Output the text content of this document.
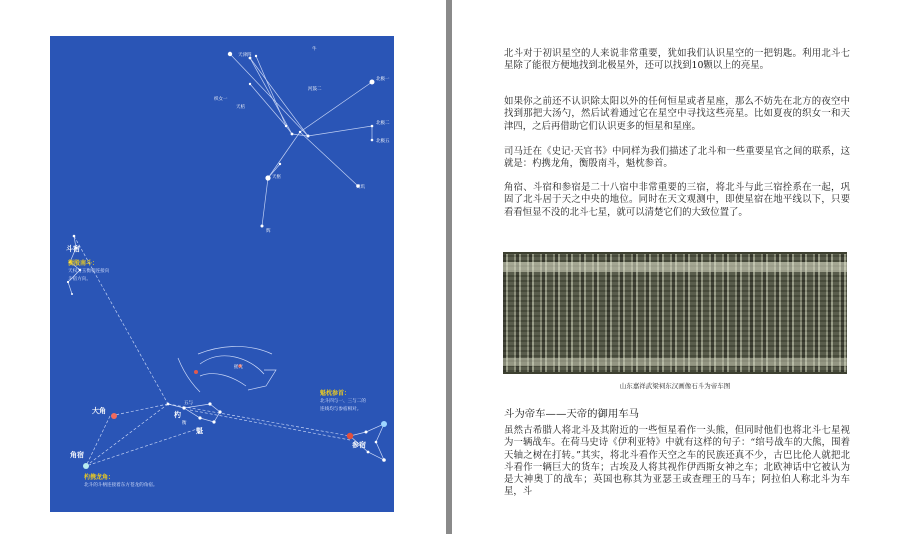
天津四
织女一
河鼓二
天棓
牛
北极一
北极二
北极五
天枢
天玑
辉
摇光
斗宿
大角	杓
魁
角宿
参宿
衡
五与
衡殷南斗：
天权与玉衡相连接向
斗宿方向。
魁枕参首：
北斗四与一、三与二的
连线均与参宿相对。
杓携龙角：
北斗的斗柄连接着东方苍龙的角宿。

北斗对于初识星空的人来说非常重要，犹如我们认识星空的一把钥匙。利用北斗七星除了能很方便地找到北极星外，还可以找到10颗以上的亮星。

如果你之前还不认识除太阳以外的任何恒星或者星座，那么不妨先在北方的夜空中找到那把大汤勺，然后试着通过它在星空中寻找这些亮星。比如夏夜的织女一和天津四，之后再借助它们认识更多的恒星和星座。

司马迁在《史记·天官书》中同样为我们描述了北斗和一些重要星官之间的联系，这就是：杓携龙角，衡殷南斗，魁枕参首。

角宿、斗宿和参宿是二十八宿中非常重要的三宿，将北斗与此三宿拴系在一起，巩固了北斗居于天之中央的地位。同时在天文观测中，即使星宿在地平线以下，只要看看恒显不没的北斗七星，就可以清楚它们的大致位置了。

山东嘉祥武梁祠东汉画像石斗为帝车图
斗为帝车——天帝的御用车马

虽然古希腊人将北斗及其附近的一些恒星看作一头熊，但同时他们也将北斗七星视为一辆战车。在荷马史诗《伊利亚特》中就有这样的句子：“绾号战车的大熊，围着天轴之树在打转。”其实，将北斗看作天空之车的民族还真不少，古巴比伦人就把北斗看作一辆巨大的货车；古埃及人将其视作伊西斯女神之车；北欧神话中它被认为是大神奥丁的战车；英国也称其为亚瑟王或查理王的马车；阿拉伯人称北斗为车星，斗
